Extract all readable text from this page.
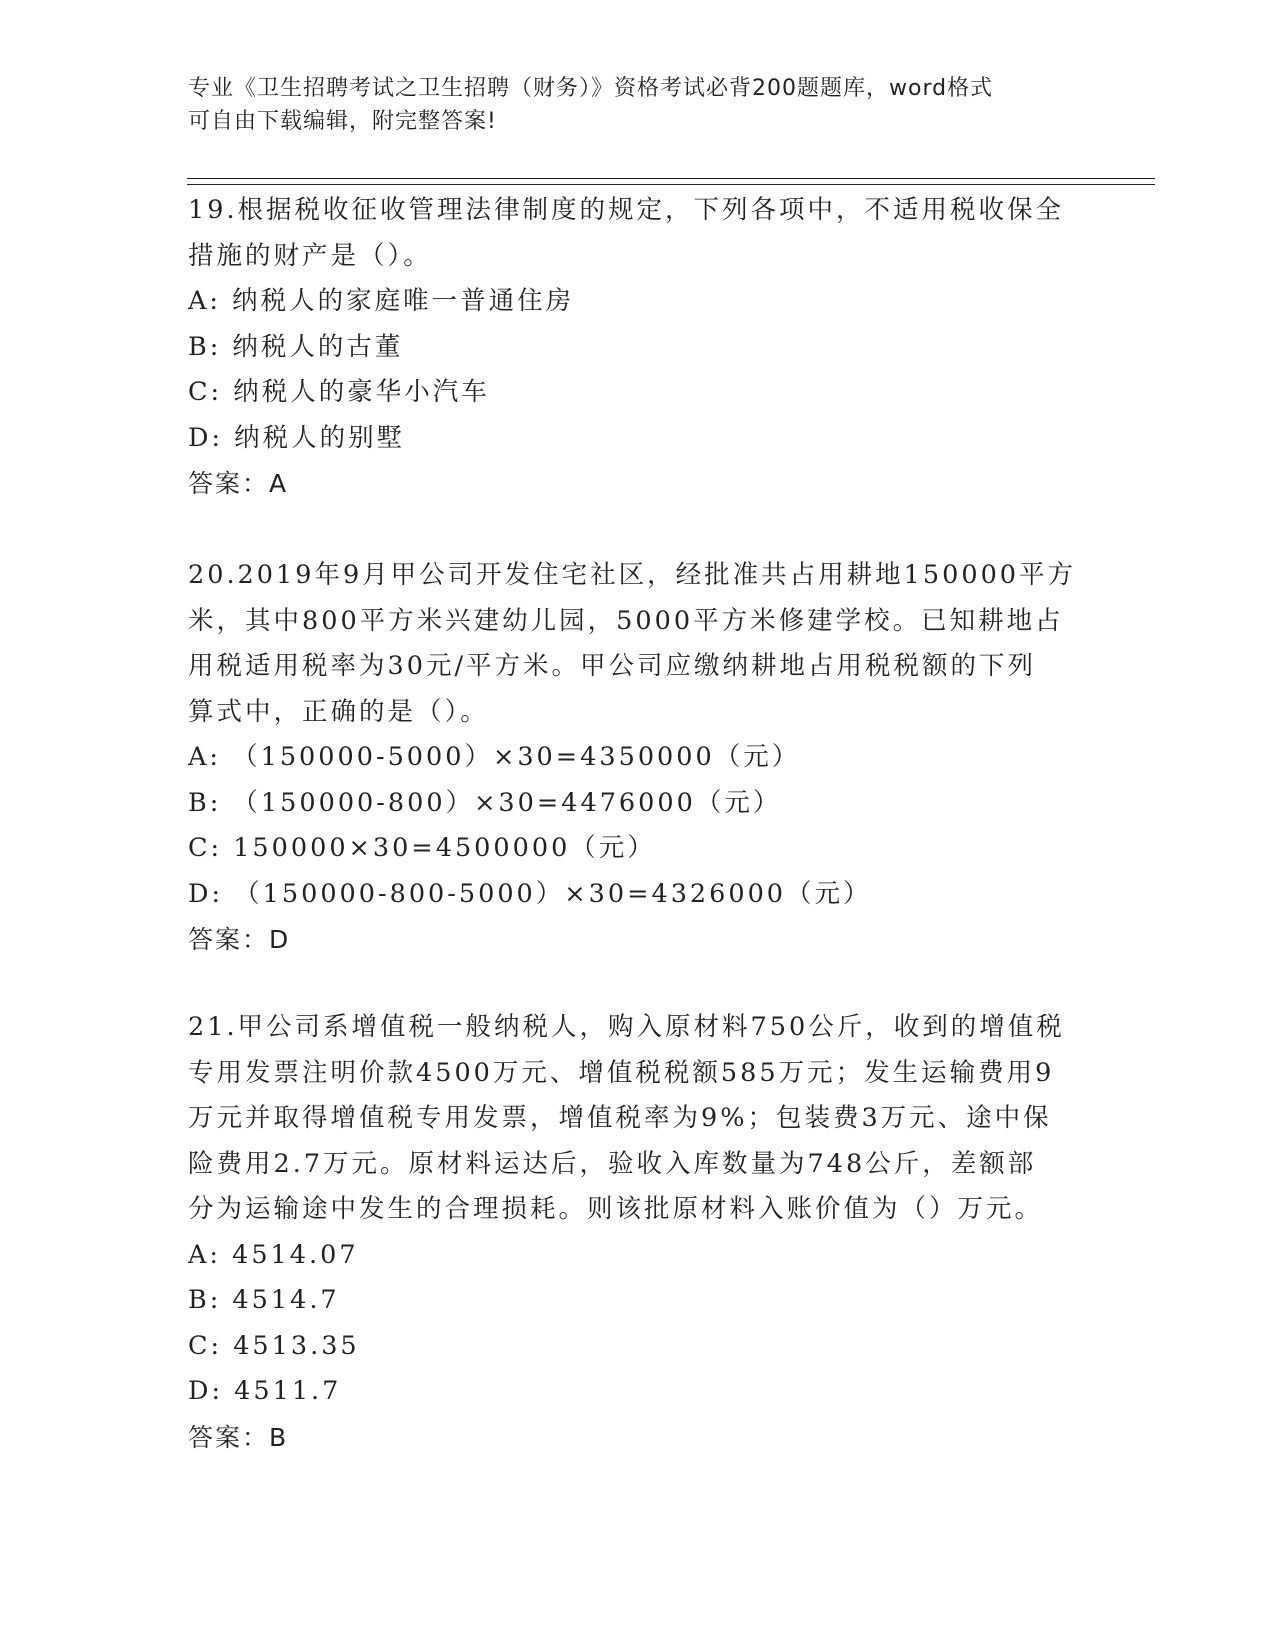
专业《卫生招聘考试之卫生招聘（财务）》资格考试必背200题题库，word格式

可自由下载编辑，附完整答案!

19.根据税收征收管理法律制度的规定，下列各项中，不适用税收保全

措施的财产是（）。

A: 纳税人的家庭唯一普通住房

B: 纳税人的古董

C: 纳税人的豪华小汽车

D: 纳税人的别墅

答案：A

20.2019年9月甲公司开发住宅社区，经批准共占用耕地150000平方

米，其中800平方米兴建幼儿园，5000平方米修建学校。已知耕地占

用税适用税率为30元/平方米。甲公司应缴纳耕地占用税税额的下列

算式中，正确的是（）。

A: （150000-5000）×30=4350000（元）

B: （150000-800）×30=4476000（元）

C: 150000×30=4500000（元）

D: （150000-800-5000）×30=4326000（元）

答案：D

21.甲公司系增值税一般纳税人，购入原材料750公斤，收到的增值税

专用发票注明价款4500万元、增值税税额585万元；发生运输费用9

万元并取得增值税专用发票，增值税率为9%；包装费3万元、途中保

险费用2.7万元。原材料运达后，验收入库数量为748公斤，差额部

分为运输途中发生的合理损耗。则该批原材料入账价值为（）万元。

A: 4514.07

B: 4514.7

C: 4513.35

D: 4511.7

答案：B
